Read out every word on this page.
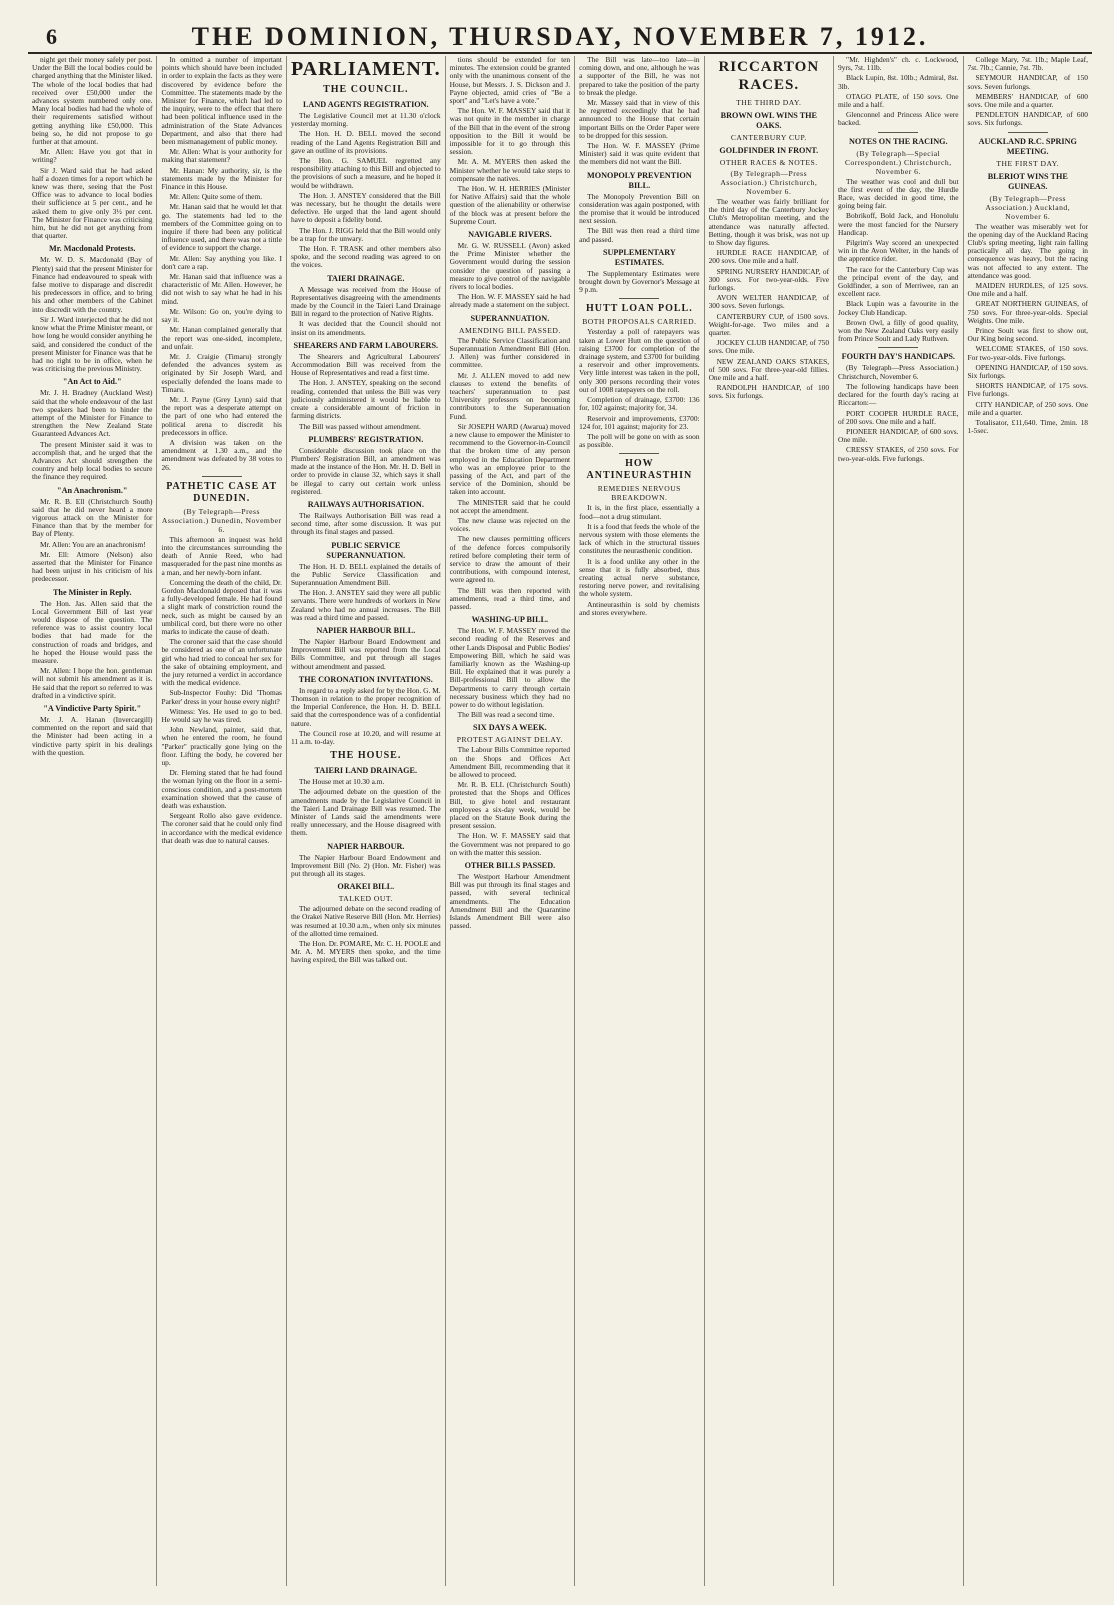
6	THE DOMINION, THURSDAY, NOVEMBER 7, 1912.

night get their money safely per post. Under the Bill the local bodies could be charged anything that the Minister liked. The whole of the local bodies that had received over £50,000 under the advances system numbered only one. Many local bodies had had the whole of their requirements satisfied without getting anything like £50,000. This being so, he did not propose to go further at that amount.

Mr. Allen: Have you got that in writing?

Sir J. Ward said that he had asked half a dozen times for a report which he knew was there, seeing that the Post Office was to advance to local bodies their sufficience at 5 per cent., and he asked them to give only 3½ per cent. The Minister for Finance was criticising him, but he did not get anything from that quarter.

Mr. Macdonald Protests.

Mr. W. D. S. Macdonald (Bay of Plenty) said that the present Minister for Finance had endeavoured to speak with false motive to disparage and discredit his predecessors in office, and to bring his and other members of the Cabinet into discredit with the country.

Sir J. Ward interjected that he did not know what the Prime Minister meant, or how long he would consider anything he said, and considered the conduct of the present Minister for Finance was that he had no right to be in office, when he was criticising the previous Ministry.

"An Act to Aid."

Mr. J. H. Bradney (Auckland West) said that the whole endeavour of the last two speakers had been to hinder the attempt of the Minister for Finance to strengthen the New Zealand State Guaranteed Advances Act.

The present Minister said it was to accomplish that, and he urged that the Advances Act should strengthen the country and help local bodies to secure the finance they required.

"An Anachronism."

Mr. R. B. Ell (Christchurch South) said that he did never heard a more vigorous attack on the Minister for Finance than that by the member for Bay of Plenty.

Mr. Allen: You are an anachronism!

Mr. Ell: Atmore (Nelson) also asserted that the Minister for Finance had been unjust in his criticism of his predecessor.

The Minister in Reply.

The Hon. Jas. Allen said that the Local Government Bill of last year would dispose of the question. The reference was to assist country local bodies that had made for the construction of roads and bridges, and he hoped the House would pass the measure.

Mr. Allen: I hope the hon. gentleman will not submit his amendment as it is. He said that the report so referred to was drafted in a vindictive spirit.

"A Vindictive Party Spirit."

Mr. J. A. Hanan (Invercargill) commented on the report and said that the Minister had been acting in a vindictive party spirit in his dealings with the question.

In omitted a number of important points which should have been included in order to explain the facts as they were discovered by evidence before the Committee. The statements made by the Minister for Finance, which had led to the inquiry, were to the effect that there had been political influence used in the administration of the State Advances Department, and also that there had been mismanagement of public money.

Mr. Allen: What is your authority for making that statement?

Mr. Hanan: My authority, sir, is the statements made by the Minister for Finance in this House.

Mr. Allen: Quite some of them.

Mr. Hanan said that he would let that go. The statements had led to the members of the Committee going on to inquire if there had been any political influence used, and there was not a tittle of evidence to support the charge.

Mr. Allen: Say anything you like. I don't care a rap.

Mr. Hanan said that influence was a characteristic of Mr. Allen. However, he did not wish to say what he had in his mind.

Mr. Wilson: Go on, you're dying to say it.

Mr. Hanan complained generally that the report was one-sided, incomplete, and unfair.

Mr. J. Craigie (Timaru) strongly defended the advances system as originated by Sir Joseph Ward, and especially defended the loans made to Timaru.

Mr. J. Payne (Grey Lynn) said that the report was a desperate attempt on the part of one who had entered the political arena to discredit his predecessors in office.

A division was taken on the amendment at 1.30 a.m., and the amendment was defeated by 38 votes to 26.

PATHETIC CASE AT DUNEDIN.
(By Telegraph—Press Association.) Dunedin, November 6.

This afternoon an inquest was held into the circumstances surrounding the death of Annie Reed, who had masqueraded for the past nine months as a man, and her newly-born infant.

Concerning the death of the child, Dr. Gordon Macdonald deposed that it was a fully-developed female. He had found a slight mark of constriction round the neck, such as might be caused by an umbilical cord, but there were no other marks to indicate the cause of death.

The coroner said that the case should be considered as one of an unfortunate girl who had tried to conceal her sex for the sake of obtaining employment, and the jury returned a verdict in accordance with the medical evidence.

Sub-Inspector Fouhy: Did 'Thomas Parker' dress in your house every night?

Witness: Yes. He used to go to bed. He would say he was tired.

John Newland, painter, said that, when he entered the room, he found "Parker" practically gone lying on the floor. Lifting the body, he covered her up.

Dr. Fleming stated that he had found the woman lying on the floor in a semi-conscious condition, and a post-mortem examination showed that the cause of death was exhaustion.

Sergeant Rollo also gave evidence. The coroner said that he could only find in accordance with the medical evidence that death was due to natural causes.

PARLIAMENT.
THE COUNCIL.
LAND AGENTS REGISTRATION.

The Legislative Council met at 11.30 o'clock yesterday morning.

The Hon. H. D. BELL moved the second reading of the Land Agents Registration Bill and gave an outline of its provisions.

The Hon. G. SAMUEL regretted any responsibility attaching to this Bill and objected to the provisions of such a measure, and he hoped it would be withdrawn.

The Hon. J. ANSTEY considered that the Bill was necessary, but he thought the details were defective. He urged that the land agent should have to deposit a fidelity bond.

The Hon. J. RIGG held that the Bill would only be a trap for the unwary.

The Hon. F. TRASK and other members also spoke, and the second reading was agreed to on the voices.

TAIERI DRAINAGE.

A Message was received from the House of Representatives disagreeing with the amendments made by the Council in the Taieri Land Drainage Bill in regard to the protection of Native Rights.

It was decided that the Council should not insist on its amendments.

SHEARERS AND FARM LABOURERS.

The Shearers and Agricultural Labourers' Accommodation Bill was received from the House of Representatives and read a first time.

The Hon. J. ANSTEY, speaking on the second reading, contended that unless the Bill was very judiciously administered it would be liable to create a considerable amount of friction in farming districts.

The Bill was passed without amendment.

PLUMBERS' REGISTRATION.

Considerable discussion took place on the Plumbers' Registration Bill, an amendment was made at the instance of the Hon. Mr. H. D. Bell in order to provide in clause 32, which says it shall be illegal to carry out certain work unless registered.

RAILWAYS AUTHORISATION.

The Railways Authorisation Bill was read a second time, after some discussion. It was put through its final stages and passed.

PUBLIC SERVICE SUPERANNUATION.

The Hon. H. D. BELL explained the details of the Public Service Classification and Superannuation Amendment Bill.

The Hon. J. ANSTEY said they were all public servants. There were hundreds of workers in New Zealand who had no annual increases. The Bill was read a third time and passed.

NAPIER HARBOUR BILL.

The Napier Harbour Board Endowment and Improvement Bill was reported from the Local Bills Committee, and put through all stages without amendment and passed.

THE CORONATION INVITATIONS.

In regard to a reply asked for by the Hon. G. M. Thomson in relation to the proper recognition of the Imperial Conference, the Hon. H. D. BELL said that the correspondence was of a confidential nature.

The Council rose at 10.20, and will resume at 11 a.m. to-day.

THE HOUSE.
TAIERI LAND DRAINAGE.

The House met at 10.30 a.m.

The adjourned debate on the question of the amendments made by the Legislative Council in the Taieri Land Drainage Bill was resumed. The Minister of Lands said the amendments were really unnecessary, and the House disagreed with them.

NAPIER HARBOUR.

The Napier Harbour Board Endowment and Improvement Bill (No. 2) (Hon. Mr. Fisher) was put through all its stages.

ORAKEI BILL.
TALKED OUT.

The adjourned debate on the second reading of the Orakei Native Reserve Bill (Hon. Mr. Herries) was resumed at 10.30 a.m., when only six minutes of the allotted time remained.

The Hon. Dr. POMARE, Mr. C. H. POOLE and Mr. A. M. MYERS then spoke, and the time having expired, the Bill was talked out.

tions should be extended for ten minutes. The extension could be granted only with the unanimous consent of the House, but Messrs. J. S. Dickson and J. Payne objected, amid cries of "Be a sport" and "Let's have a vote."

The Hon. W. F. MASSEY said that it was not quite in the member in charge of the Bill that in the event of the strong opposition to the Bill it would be impossible for it to go through this session.

Mr. A. M. MYERS then asked the Minister whether he would take steps to compensate the natives.

The Hon. W. H. HERRIES (Minister for Native Affairs) said that the whole question of the alienability or otherwise of the block was at present before the Supreme Court.

NAVIGABLE RIVERS.

Mr. G. W. RUSSELL (Avon) asked the Prime Minister whether the Government would during the session consider the question of passing a measure to give control of the navigable rivers to local bodies.

The Hon. W. F. MASSEY said he had already made a statement on the subject.

SUPERANNUATION.
AMENDING BILL PASSED.

The Public Service Classification and Superannuation Amendment Bill (Hon. J. Allen) was further considered in committee.

Mr. J. ALLEN moved to add new clauses to extend the benefits of teachers' superannuation to past University professors on becoming contributors to the Superannuation Fund.

Sir JOSEPH WARD (Awarua) moved a new clause to empower the Minister to recommend to the Governor-in-Council that the broken time of any person employed in the Education Department who was an employee prior to the passing of the Act, and part of the service of the Dominion, should be taken into account.

The MINISTER said that he could not accept the amendment.

The new clause was rejected on the voices.

The new clauses permitting officers of the defence forces compulsorily retired before completing their term of service to draw the amount of their contributions, with compound interest, were agreed to.

The Bill was then reported with amendments, read a third time, and passed.

WASHING-UP BILL.

The Hon. W. F. MASSEY moved the second reading of the Reserves and other Lands Disposal and Public Bodies' Empowering Bill, which he said was familiarly known as the Washing-up Bill. He explained that it was purely a Bill-professional Bill to allow the Departments to carry through certain necessary business which they had no power to do without legislation.

The Bill was read a second time.

SIX DAYS A WEEK.
PROTEST AGAINST DELAY.

The Labour Bills Committee reported on the Shops and Offices Act Amendment Bill, recommending that it be allowed to proceed.

Mr. R. B. ELL (Christchurch South) protested that the Shops and Offices Bill, to give hotel and restaurant employees a six-day week, would be placed on the Statute Book during the present session.

The Hon. W. F. MASSEY said that the Government was not prepared to go on with the matter this session.

OTHER BILLS PASSED.

The Westport Harbour Amendment Bill was put through its final stages and passed, with several technical amendments. The Education Amendment Bill and the Quarantine Islands Amendment Bill were also passed.

The Bill was late—too late—in coming down, and one, although he was a supporter of the Bill, he was not prepared to take the position of the party to break the pledge.

Mr. Massey said that in view of this he regretted exceedingly that he had announced to the House that certain important Bills on the Order Paper were to be dropped for this session.

The Hon. W. F. MASSEY (Prime Minister) said it was quite evident that the members did not want the Bill.

MONOPOLY PREVENTION BILL.

The Monopoly Prevention Bill on consideration was again postponed, with the promise that it would be introduced next session.

The Bill was then read a third time and passed.

SUPPLEMENTARY ESTIMATES.

The Supplementary Estimates were brought down by Governor's Message at 9 p.m.

HUTT LOAN POLL.
BOTH PROPOSALS CARRIED.

Yesterday a poll of ratepayers was taken at Lower Hutt on the question of raising £3700 for completion of the drainage system, and £3700 for building a reservoir and other improvements. Very little interest was taken in the poll, only 300 persons recording their votes out of 1008 ratepayers on the roll.

Completion of drainage, £3700: 136 for, 102 against; majority for, 34.

Reservoir and improvements, £3700: 124 for, 101 against; majority for 23.

The poll will be gone on with as soon as possible.

HOW ANTINEURASTHIN
REMEDIES NERVOUS BREAKDOWN.

It is, in the first place, essentially a food—not a drug stimulant.

It is a food that feeds the whole of the nervous system with those elements the lack of which in the structural tissues constitutes the neurasthenic condition.

It is a food unlike any other in the sense that it is fully absorbed, thus creating actual nerve substance, restoring nerve power, and revitalising the whole system.

Antineurasthin is sold by chemists and stores everywhere.

RICCARTON RACES.
THE THIRD DAY.
BROWN OWL WINS THE OAKS.
CANTERBURY CUP.
GOLDFINDER IN FRONT.
OTHER RACES & NOTES.
(By Telegraph—Press Association.) Christchurch, November 6.

The weather was fairly brilliant for the third day of the Canterbury Jockey Club's Metropolitan meeting, and the attendance was naturally affected. Betting, though it was brisk, was not up to Show day figures.

HURDLE RACE HANDICAP, of 200 sovs. One mile and a half.

SPRING NURSERY HANDICAP, of 300 sovs. For two-year-olds. Five furlongs.

AVON WELTER HANDICAP, of 300 sovs. Seven furlongs.

CANTERBURY CUP, of 1500 sovs. Weight-for-age. Two miles and a quarter.

JOCKEY CLUB HANDICAP, of 750 sovs. One mile.

NEW ZEALAND OAKS STAKES, of 500 sovs. For three-year-old fillies. One mile and a half.

RANDOLPH HANDICAP, of 100 sovs. Six furlongs.

"Mr. Highden's" ch. c. Lockwood, 9yrs, 7st. 11lb.

Black Lupin, 8st. 10lb.; Admiral, 8st. 3lb.

OTAGO PLATE, of 150 sovs. One mile and a half.

Glenconnel and Princess Alice were backed.

NOTES ON THE RACING.
(By Telegraph—Special Correspondent.) Christchurch, November 6.

The weather was cool and dull but the first event of the day, the Hurdle Race, was decided in good time, the going being fair.

Bobrikoff, Bold Jack, and Honolulu were the most fancied for the Nursery Handicap.

Pilgrim's Way scored an unexpected win in the Avon Welter, in the hands of the apprentice rider.

The race for the Canterbury Cup was the principal event of the day, and Goldfinder, a son of Merriwee, ran an excellent race.

Black Lupin was a favourite in the Jockey Club Handicap.

Brown Owl, a filly of good quality, won the New Zealand Oaks very easily from Prince Soult and Lady Ruthven.

FOURTH DAY'S HANDICAPS.

(By Telegraph—Press Association.) Christchurch, November 6.

The following handicaps have been declared for the fourth day's racing at Riccarton:—

PORT COOPER HURDLE RACE, of 200 sovs. One mile and a half.

PIONEER HANDICAP, of 600 sovs. One mile.

CRESSY STAKES, of 250 sovs. For two-year-olds. Five furlongs.

College Mary, 7st. 1lb.; Maple Leaf, 7st. 7lb.; Cannie, 7st. 7lb.

SEYMOUR HANDICAP, of 150 sovs. Seven furlongs.

MEMBERS' HANDICAP, of 600 sovs. One mile and a quarter.

PENDLETON HANDICAP, of 600 sovs. Six furlongs.

AUCKLAND R.C. SPRING MEETING.
THE FIRST DAY.
BLERIOT WINS THE GUINEAS.
(By Telegraph—Press Association.) Auckland, November 6.

The weather was miserably wet for the opening day of the Auckland Racing Club's spring meeting, light rain falling practically all day. The going in consequence was heavy, but the racing was not affected to any extent. The attendance was good.

MAIDEN HURDLES, of 125 sovs. One mile and a half.

GREAT NORTHERN GUINEAS, of 750 sovs. For three-year-olds. Special Weights. One mile.

Prince Soult was first to show out, Our King being second.

WELCOME STAKES, of 150 sovs. For two-year-olds. Five furlongs.

OPENING HANDICAP, of 150 sovs. Six furlongs.

SHORTS HANDICAP, of 175 sovs. Five furlongs.

CITY HANDICAP, of 250 sovs. One mile and a quarter.

Totalisator, £11,640. Time, 2min. 18 1-5sec.
